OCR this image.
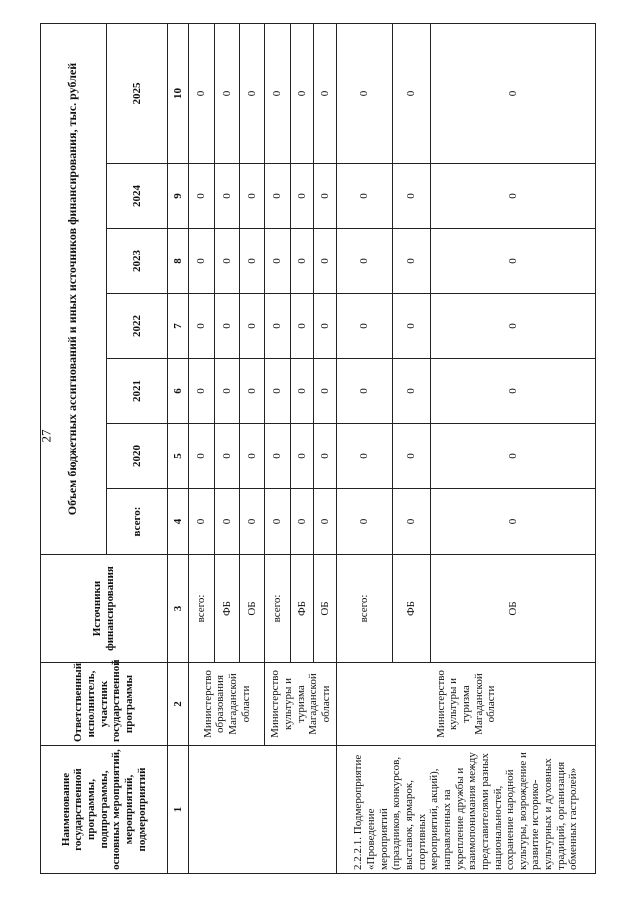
27
Наименование государственной программы, подпрограммы, основных мероприятий, мероприятий, подмероприятий	Ответственный исполнитель, участник государственной программы	Источники финансирования	Объем бюджетных ассигнований и иных источников финансирования, тыс. рублей						
			всего:	2020	2021	2022	2023	2024	2025
1	2	3	4	5	6	7	8	9	10
	Министерство образования Магаданской области	всего:	0	0	0	0	0	0	0
		ФБ	0	0	0	0	0	0	0
		ОБ	0	0	0	0	0	0	0
	Министерство культуры и туризма Магаданской области	всего:	0	0	0	0	0	0	0
		ФБ	0	0	0	0	0	0	0
		ОБ	0	0	0	0	0	0	0
2.2.2.1. Подмероприятие «Проведение мероприятий (праздников, конкурсов, выставок, ярмарок, спортивных мероприятий, акций), направленных на укрепление дружбы и взаимопонимания между представителями разных национальностей, сохранение народной культуры, возрождение и развитие историко-культурных и духовных традиций, организация обменных гастролей»	Министерство культуры и туризма Магаданской области	всего:	0	0	0	0	0	0	0
		ФБ	0	0	0	0	0	0	0
		ОБ	0	0	0	0	0	0	0
